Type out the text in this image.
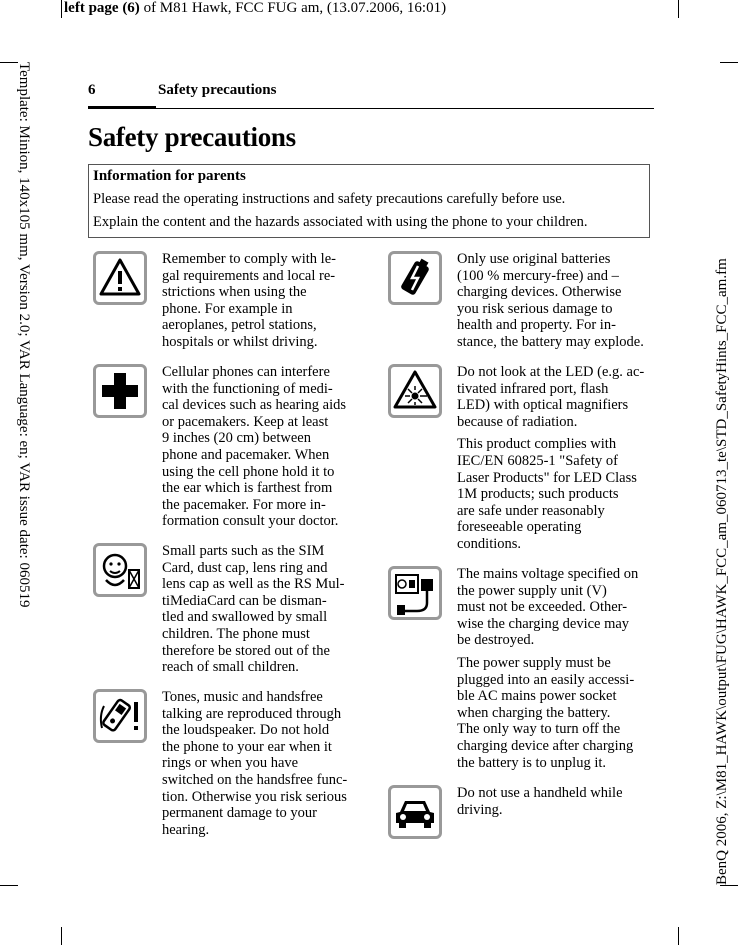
left page (6) of M81 Hawk, FCC FUG am, (13.07.2006, 16:01)
Template: Minion, 140x105 mm, Version 2.0; VAR Language: en; VAR issue date: 060519	BenQ 2006, Z:\M81_HAWK\output\FUG\HAWK_FCC_am_060713_te\STD_SafetyHints_FCC_am.fm
6	Safety precautions
Safety precautions
Information for parents
Please read the operating instructions and safety precautions carefully before use.
Explain the content and the hazards associated with using the phone to your children.
Remember to comply with le-
gal requirements and local re-
strictions when using the
phone. For example in
aeroplanes, petrol stations,
hospitals or whilst driving.
Cellular phones can interfere
with the functioning of medi-
cal devices such as hearing aids
or pacemakers. Keep at least
9 inches (20 cm) between
phone and pacemaker. When
using the cell phone hold it to
the ear which is farthest from
the pacemaker. For more in-
formation consult your doctor.
Small parts such as the SIM
Card, dust cap, lens ring and
lens cap as well as the RS Mul-
tiMediaCard can be disman-
tled and swallowed by small
children. The phone must
therefore be stored out of the
reach of small children.
Tones, music and handsfree
talking are reproduced through
the loudspeaker. Do not hold
the phone to your ear when it
rings or when you have
switched on the handsfree func-
tion. Otherwise you risk serious
permanent damage to your
hearing.
Only use original batteries
(100 % mercury-free) and –
charging devices. Otherwise
you risk serious damage to
health and property. For in-
stance, the battery may explode.
Do not look at the LED (e.g. ac-
tivated infrared port, flash
LED) with optical magnifiers
because of radiation.
This product complies with
IEC/EN 60825-1 "Safety of
Laser Products" for LED Class
1M products; such products
are safe under reasonably
foreseeable operating
conditions.
The mains voltage specified on
the power supply unit (V)
must not be exceeded. Other-
wise the charging device may
be destroyed.
The power supply must be
plugged into an easily accessi-
ble AC mains power socket
when charging the battery.
The only way to turn off the
charging device after charging
the battery is to unplug it.
Do not use a handheld while
driving.
